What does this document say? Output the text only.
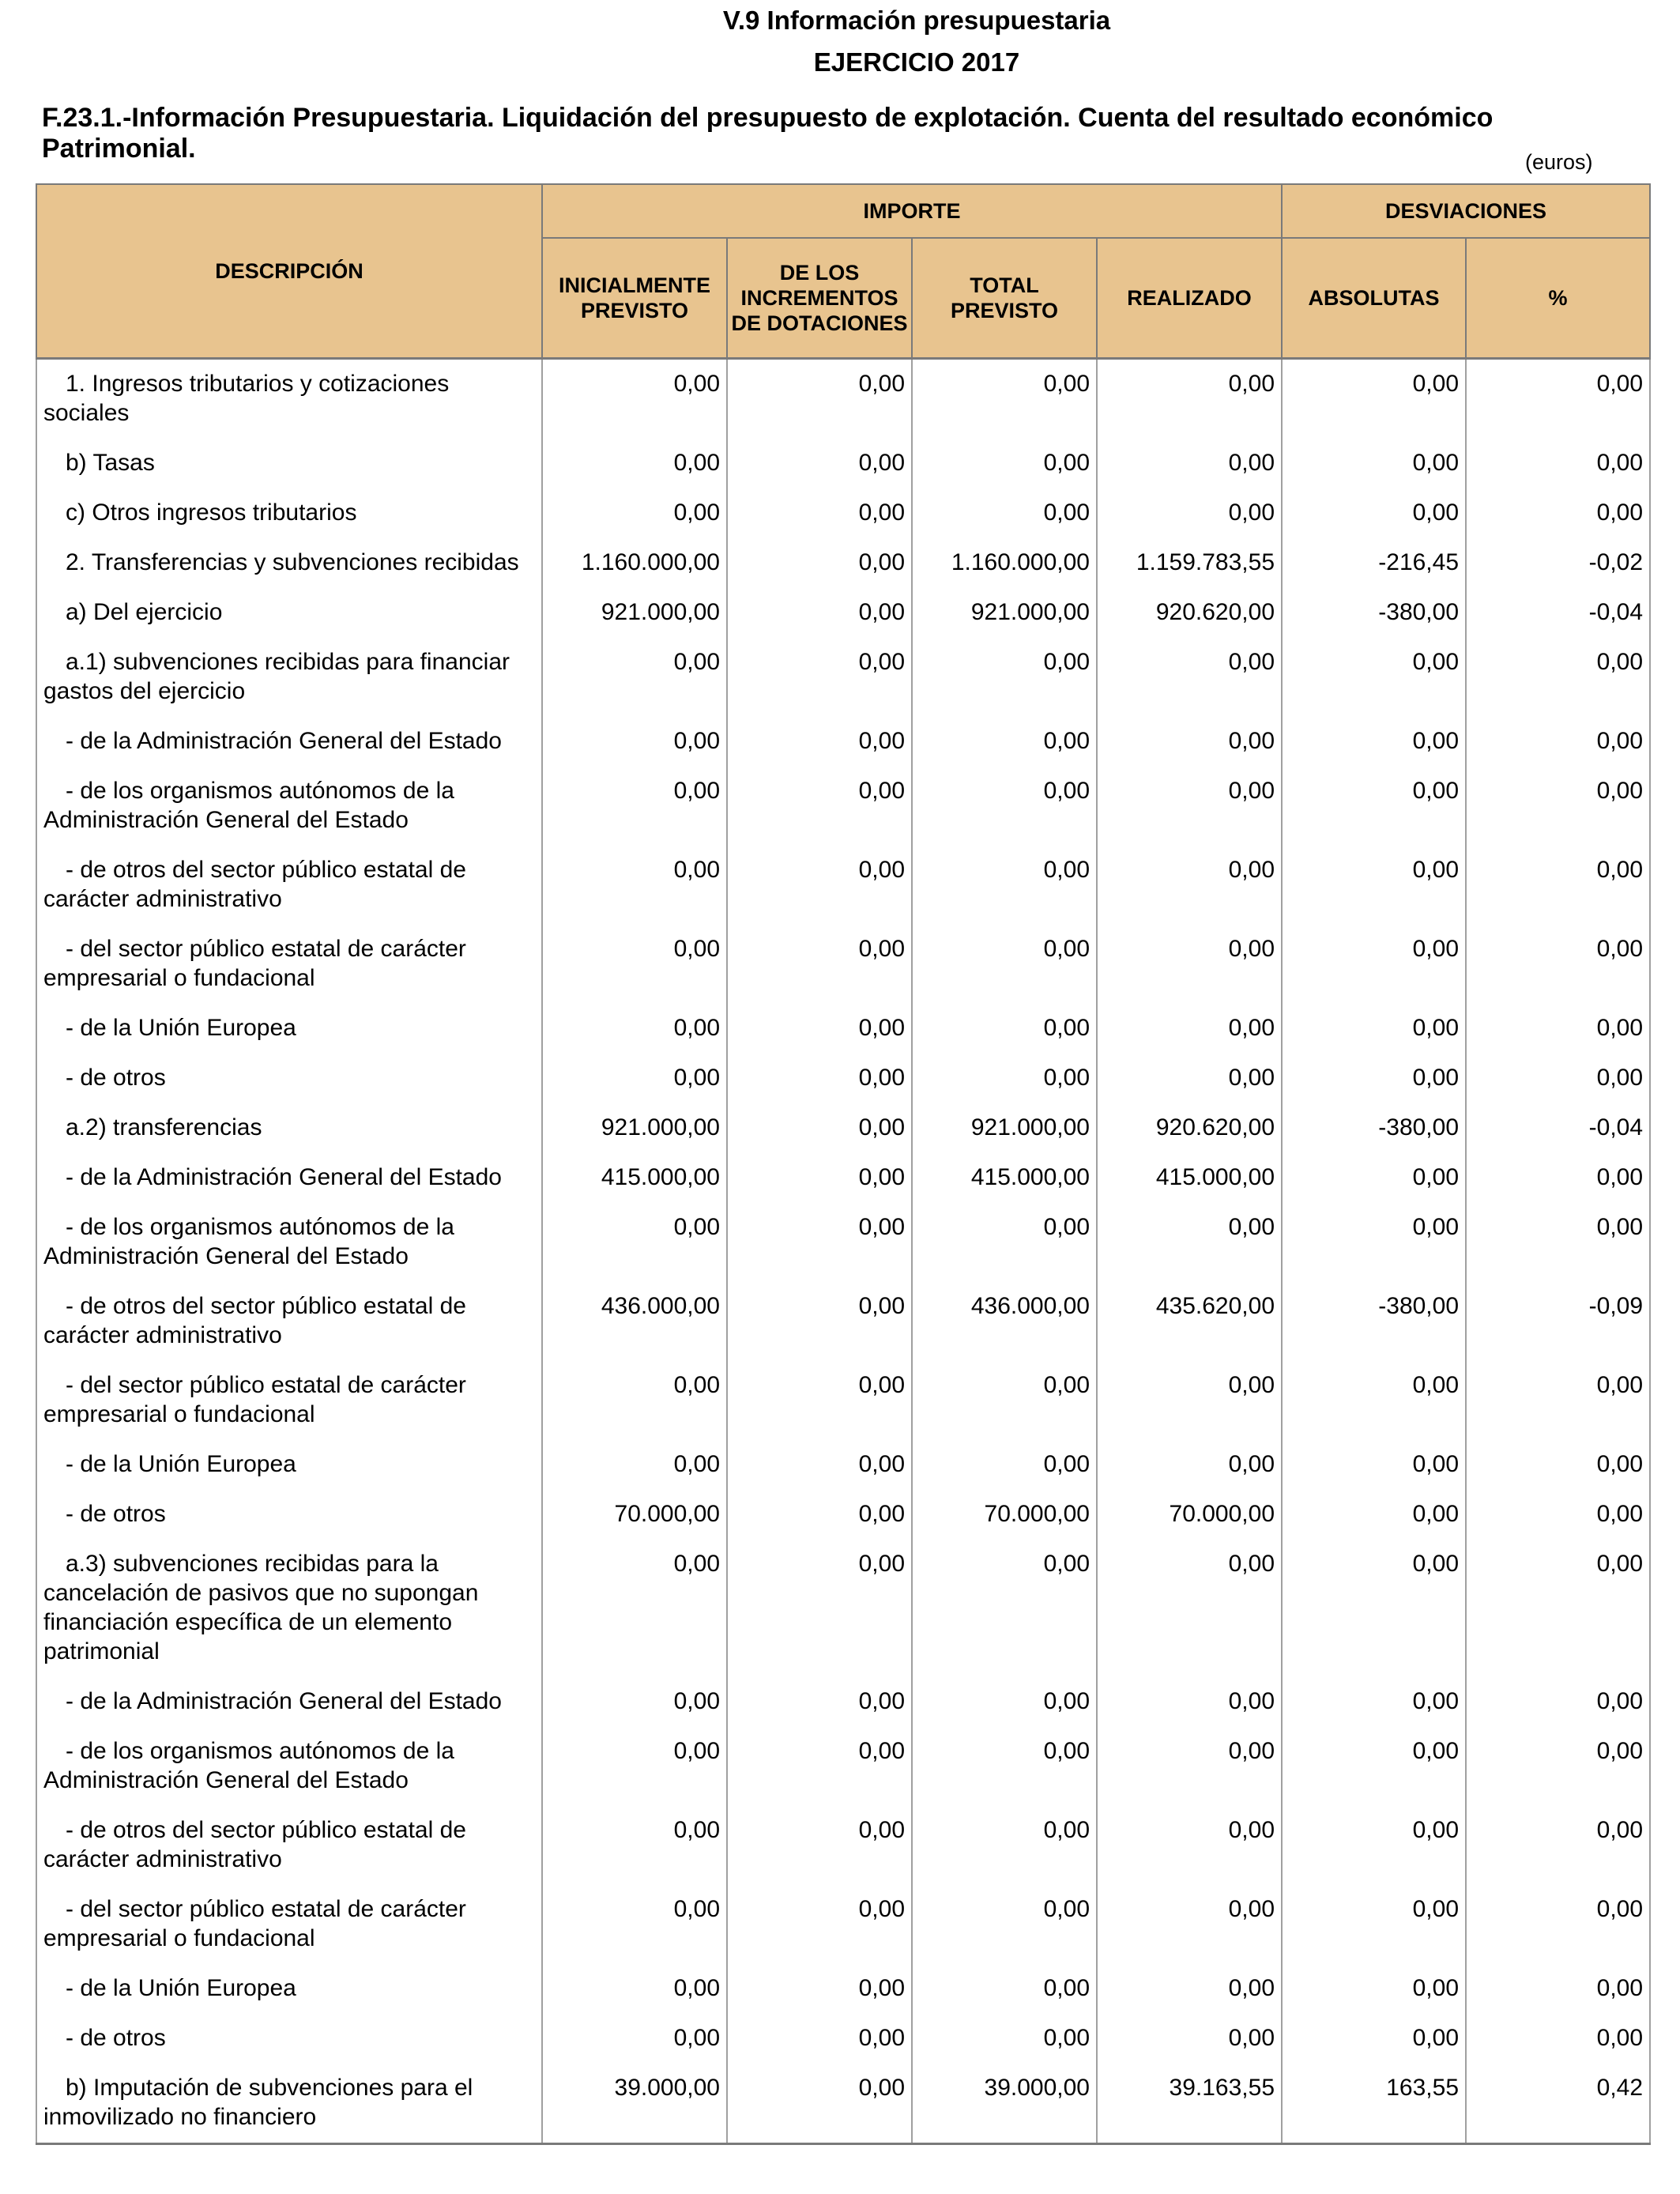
V.9 Información presupuestaria
EJERCICIO 2017
F.23.1.-Información Presupuestaria. Liquidación del presupuesto de explotación. Cuenta del resultado económico Patrimonial.	(euros)
DESCRIPCIÓN	IMPORTE				DESVIACIONES	
	INICIALMENTE PREVISTO	DE LOS INCREMENTOS DE DOTACIONES	TOTAL PREVISTO	REALIZADO	ABSOLUTAS	%
1. Ingresos tributarios y cotizaciones sociales	0,00	0,00	0,00	0,00	0,00	0,00
b) Tasas	0,00	0,00	0,00	0,00	0,00	0,00
c) Otros ingresos tributarios	0,00	0,00	0,00	0,00	0,00	0,00
2. Transferencias y subvenciones recibidas	1.160.000,00	0,00	1.160.000,00	1.159.783,55	-216,45	-0,02
a) Del ejercicio	921.000,00	0,00	921.000,00	920.620,00	-380,00	-0,04
a.1) subvenciones recibidas para financiar gastos del ejercicio	0,00	0,00	0,00	0,00	0,00	0,00
- de la Administración General del Estado	0,00	0,00	0,00	0,00	0,00	0,00
- de los organismos autónomos de la Administración General del Estado	0,00	0,00	0,00	0,00	0,00	0,00
- de otros del sector público estatal de carácter administrativo	0,00	0,00	0,00	0,00	0,00	0,00
- del sector público estatal de carácter empresarial o fundacional	0,00	0,00	0,00	0,00	0,00	0,00
- de la Unión Europea	0,00	0,00	0,00	0,00	0,00	0,00
- de otros	0,00	0,00	0,00	0,00	0,00	0,00
a.2) transferencias	921.000,00	0,00	921.000,00	920.620,00	-380,00	-0,04
- de la Administración General del Estado	415.000,00	0,00	415.000,00	415.000,00	0,00	0,00
- de los organismos autónomos de la Administración General del Estado	0,00	0,00	0,00	0,00	0,00	0,00
- de otros del sector público estatal de carácter administrativo	436.000,00	0,00	436.000,00	435.620,00	-380,00	-0,09
- del sector público estatal de carácter empresarial o fundacional	0,00	0,00	0,00	0,00	0,00	0,00
- de la Unión Europea	0,00	0,00	0,00	0,00	0,00	0,00
- de otros	70.000,00	0,00	70.000,00	70.000,00	0,00	0,00
a.3) subvenciones recibidas para la cancelación de pasivos que no supongan financiación específica de un elemento patrimonial	0,00	0,00	0,00	0,00	0,00	0,00
- de la Administración General del Estado	0,00	0,00	0,00	0,00	0,00	0,00
- de los organismos autónomos de la Administración General del Estado	0,00	0,00	0,00	0,00	0,00	0,00
- de otros del sector público estatal de carácter administrativo	0,00	0,00	0,00	0,00	0,00	0,00
- del sector público estatal de carácter empresarial o fundacional	0,00	0,00	0,00	0,00	0,00	0,00
- de la Unión Europea	0,00	0,00	0,00	0,00	0,00	0,00
- de otros	0,00	0,00	0,00	0,00	0,00	0,00
b) Imputación de subvenciones para el inmovilizado no financiero	39.000,00	0,00	39.000,00	39.163,55	163,55	0,42
